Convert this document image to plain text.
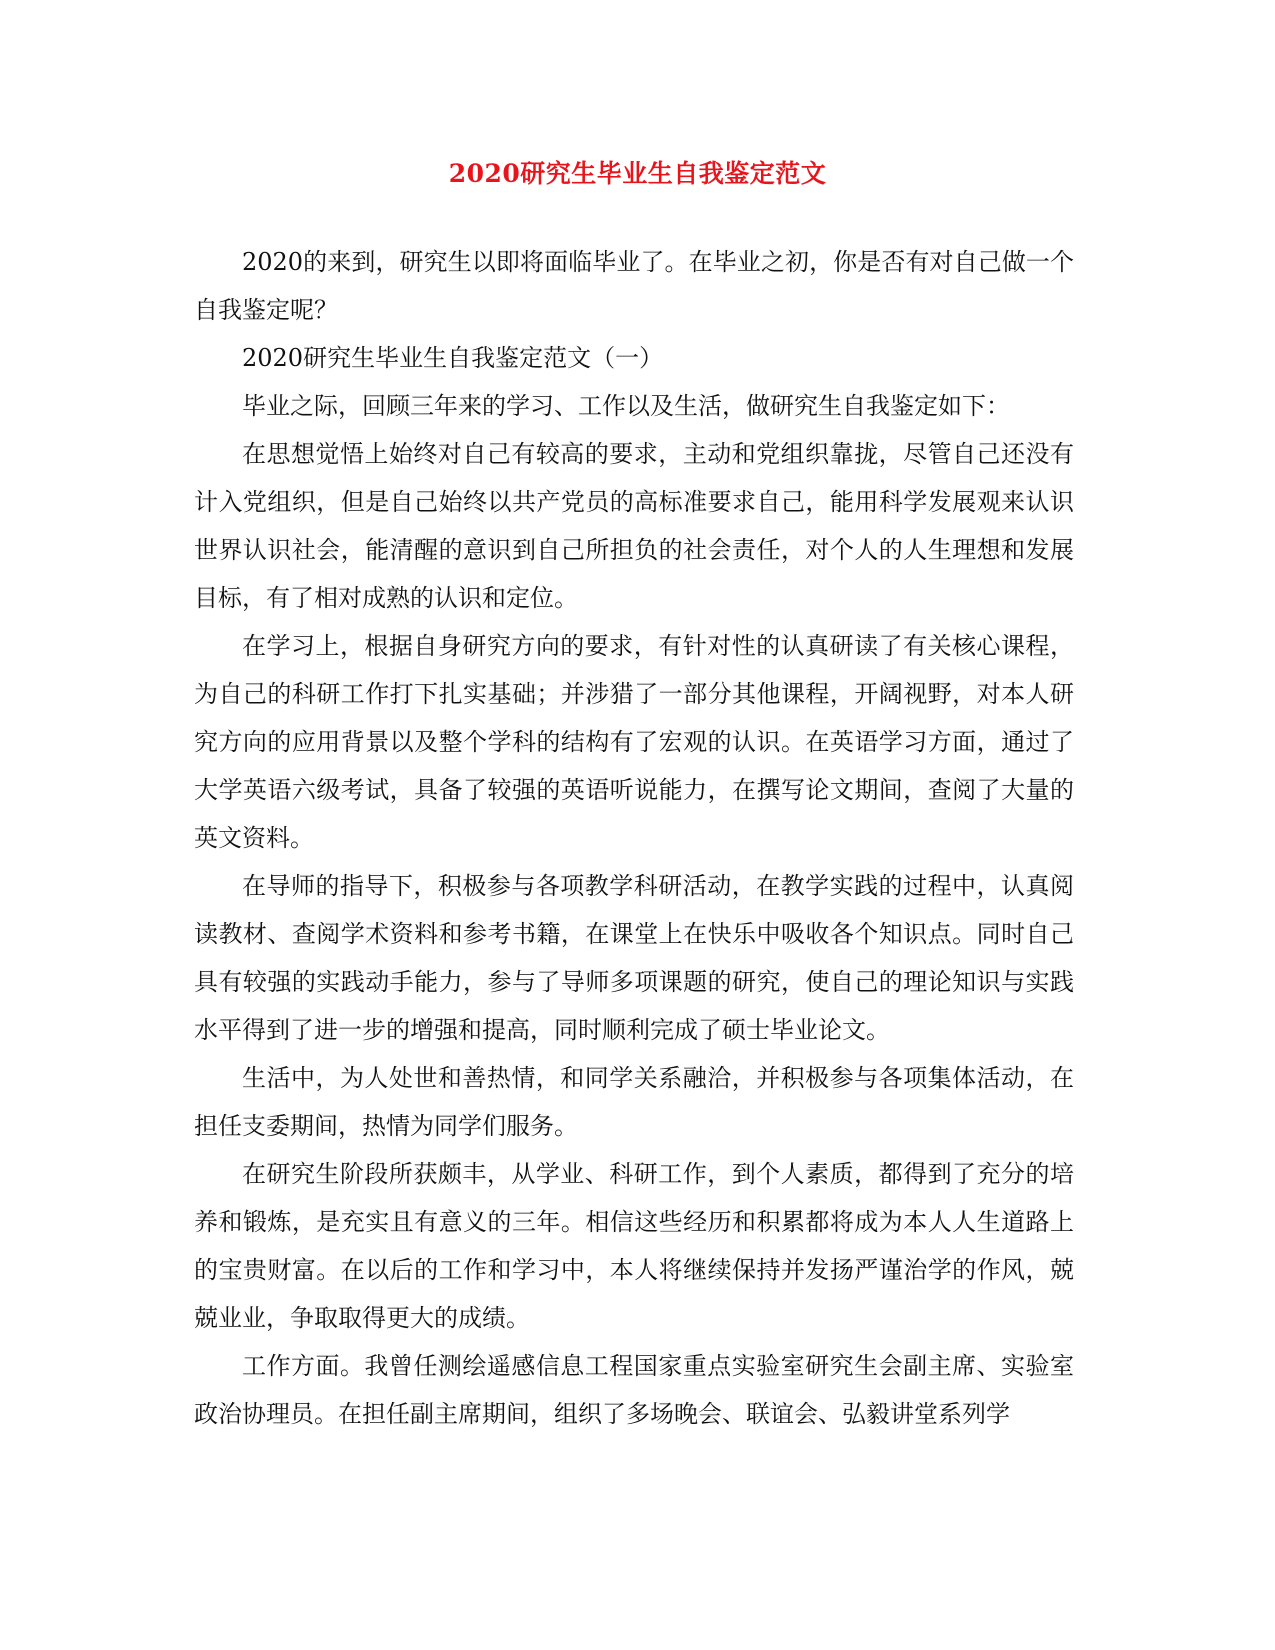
2020研究生毕业生自我鉴定范文

2020的来到，研究生以即将面临毕业了。在毕业之初，你是否有对自己做一个自我鉴定呢？

2020研究生毕业生自我鉴定范文（一）

毕业之际，回顾三年来的学习、工作以及生活，做研究生自我鉴定如下：

在思想觉悟上始终对自己有较高的要求，主动和党组织靠拢，尽管自己还没有计入党组织，但是自己始终以共产党员的高标准要求自己，能用科学发展观来认识世界认识社会，能清醒的意识到自己所担负的社会责任，对个人的人生理想和发展目标，有了相对成熟的认识和定位。

在学习上，根据自身研究方向的要求，有针对性的认真研读了有关核心课程，为自己的科研工作打下扎实基础；并涉猎了一部分其他课程，开阔视野，对本人研究方向的应用背景以及整个学科的结构有了宏观的认识。在英语学习方面，通过了大学英语六级考试，具备了较强的英语听说能力，在撰写论文期间，查阅了大量的英文资料。

在导师的指导下，积极参与各项教学科研活动，在教学实践的过程中，认真阅读教材、查阅学术资料和参考书籍，在课堂上在快乐中吸收各个知识点。同时自己具有较强的实践动手能力，参与了导师多项课题的研究，使自己的理论知识与实践水平得到了进一步的增强和提高，同时顺利完成了硕士毕业论文。

生活中，为人处世和善热情，和同学关系融洽，并积极参与各项集体活动，在担任支委期间，热情为同学们服务。

在研究生阶段所获颇丰，从学业、科研工作，到个人素质，都得到了充分的培养和锻炼，是充实且有意义的三年。相信这些经历和积累都将成为本人人生道路上的宝贵财富。在以后的工作和学习中，本人将继续保持并发扬严谨治学的作风，兢兢业业，争取取得更大的成绩。

工作方面。我曾任测绘遥感信息工程国家重点实验室研究生会副主席、实验室政治协理员。在担任副主席期间，组织了多场晚会、联谊会、弘毅讲堂系列学
